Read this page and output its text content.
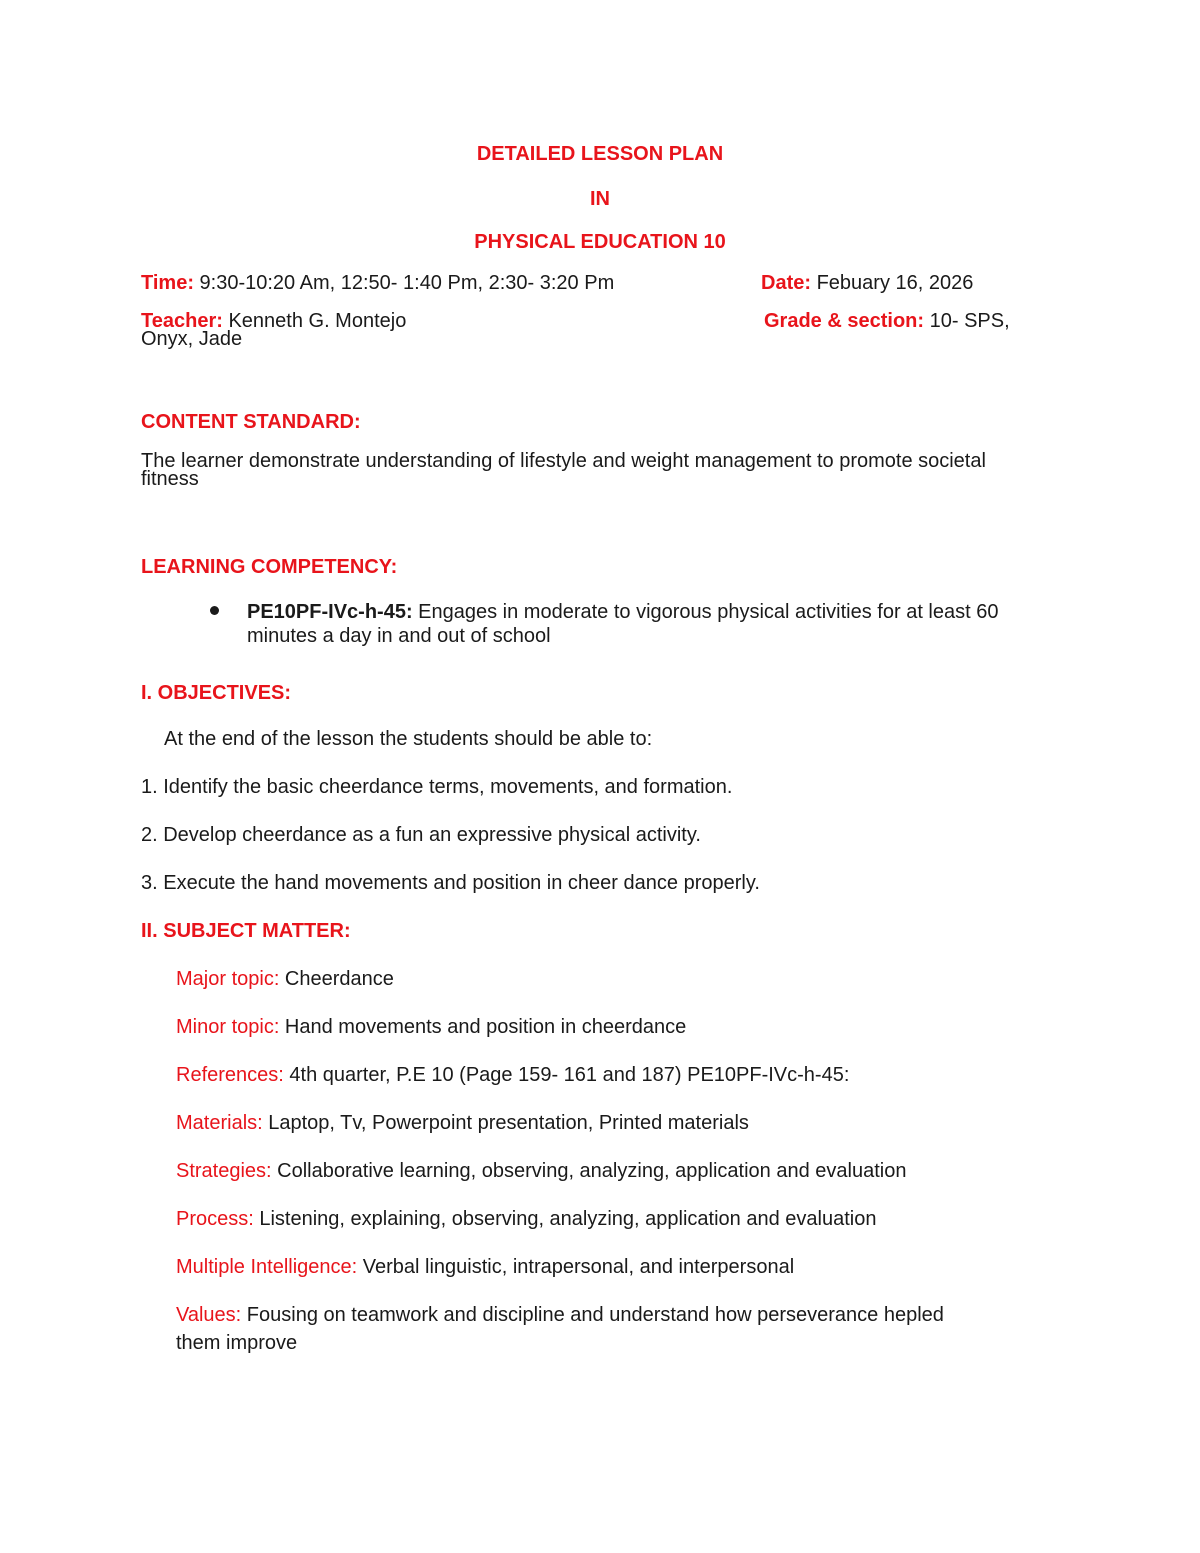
DETAILED LESSON PLAN
IN
PHYSICAL EDUCATION 10
Time: 9:30-10:20 Am, 12:50- 1:40 Pm, 2:30- 3:20 Pm	Date: Febuary 16, 2026
Teacher: Kenneth G. Montejo	Grade & section: 10- SPS,
Onyx, Jade
CONTENT STANDARD:
The learner demonstrate understanding of lifestyle and weight management to promote societal
fitness
LEARNING COMPETENCY:
PE10PF-IVc-h-45: Engages in moderate to vigorous physical activities for at least 60
minutes a day in and out of school
I. OBJECTIVES:
At the end of the lesson the students should be able to:
1. Identify the basic cheerdance terms, movements, and formation.
2. Develop cheerdance as a fun an expressive physical activity.
3. Execute the hand movements and position in cheer dance properly.
II. SUBJECT MATTER:
Major topic: Cheerdance
Minor topic: Hand movements and position in cheerdance
References: 4th quarter, P.E 10 (Page 159- 161 and 187) PE10PF-IVc-h-45:
Materials: Laptop, Tv, Powerpoint presentation, Printed materials
Strategies: Collaborative learning, observing, analyzing, application and evaluation
Process: Listening, explaining, observing, analyzing, application and evaluation
Multiple Intelligence: Verbal linguistic, intrapersonal, and interpersonal
Values: Fousing on teamwork and discipline and understand how perseverance hepled
them improve
